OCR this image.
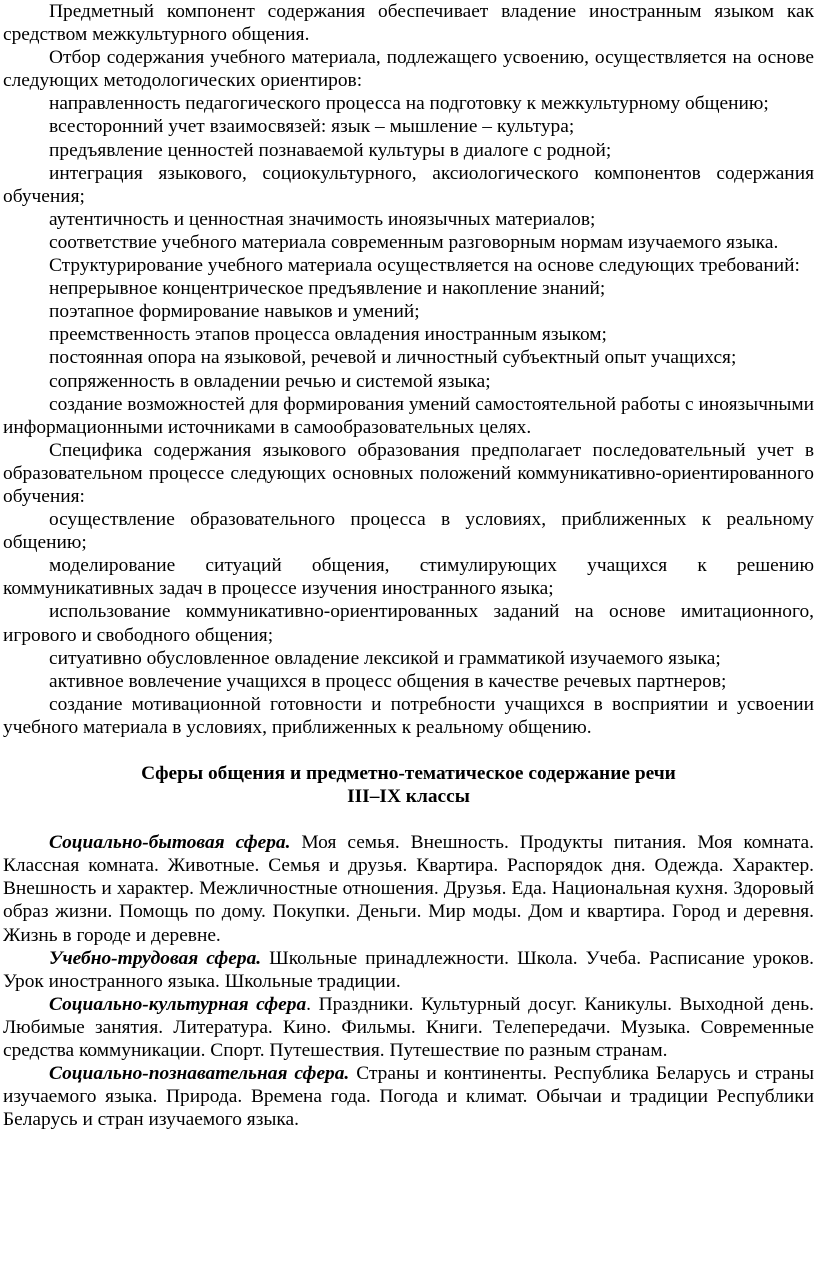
Предметный компонент содержания обеспечивает владение иностранным языком как средством межкультурного общения.

Отбор содержания учебного материала, подлежащего усвоению, осуществляется на основе следующих методологических ориентиров:

направленность педагогического процесса на подготовку к межкультурному общению;

всесторонний учет взаимосвязей: язык – мышление – культура;

предъявление ценностей познаваемой культуры в диалоге с родной;

интеграция языкового, социокультурного, аксиологического компонентов содержания обучения;

аутентичность и ценностная значимость иноязычных материалов;

соответствие учебного материала современным разговорным нормам изучаемого языка.

Структурирование учебного материала осуществляется на основе следующих требований:

непрерывное концентрическое предъявление и накопление знаний;

поэтапное формирование навыков и умений;

преемственность этапов процесса овладения иностранным языком;

постоянная опора на языковой, речевой и личностный субъектный опыт учащихся;

сопряженность в овладении речью и системой языка;

создание возможностей для формирования умений самостоятельной работы с иноязычными информационными источниками в самообразовательных целях.

Специфика содержания языкового образования предполагает последовательный учет в образовательном процессе следующих основных положений коммуникативно-ориентированного обучения:

осуществление образовательного процесса в условиях, приближенных к реальному общению;

моделирование ситуаций общения, стимулирующих учащихся к решению коммуникативных задач в процессе изучения иностранного языка;

использование коммуникативно-ориентированных заданий на основе имитационного, игрового и свободного общения;

ситуативно обусловленное овладение лексикой и грамматикой изучаемого языка;

активное вовлечение учащихся в процесс общения в качестве речевых партнеров;

создание мотивационной готовности и потребности учащихся в восприятии и усвоении учебного материала в условиях, приближенных к реальному общению.

Сферы общения и предметно-тематическое содержание речи
III–IX классы

Социально-бытовая сфера. Моя семья. Внешность. Продукты питания. Моя комната. Классная комната. Животные. Семья и друзья. Квартира. Распорядок дня. Одежда. Характер. Внешность и характер. Межличностные отношения. Друзья. Еда. Национальная кухня. Здоровый образ жизни. Помощь по дому. Покупки. Деньги. Мир моды. Дом и квартира. Город и деревня. Жизнь в городе и деревне.

Учебно-трудовая сфера. Школьные принадлежности. Школа. Учеба. Расписание уроков. Урок иностранного языка. Школьные традиции.

Социально-культурная сфера. Праздники. Культурный досуг. Каникулы. Выходной день. Любимые занятия. Литература. Кино. Фильмы. Книги. Телепередачи. Музыка. Современные средства коммуникации. Спорт. Путешествия. Путешествие по разным странам.

Социально-познавательная сфера. Страны и континенты. Республика Беларусь и страны изучаемого языка. Природа. Времена года. Погода и климат. Обычаи и традиции Республики Беларусь и стран изучаемого языка.
